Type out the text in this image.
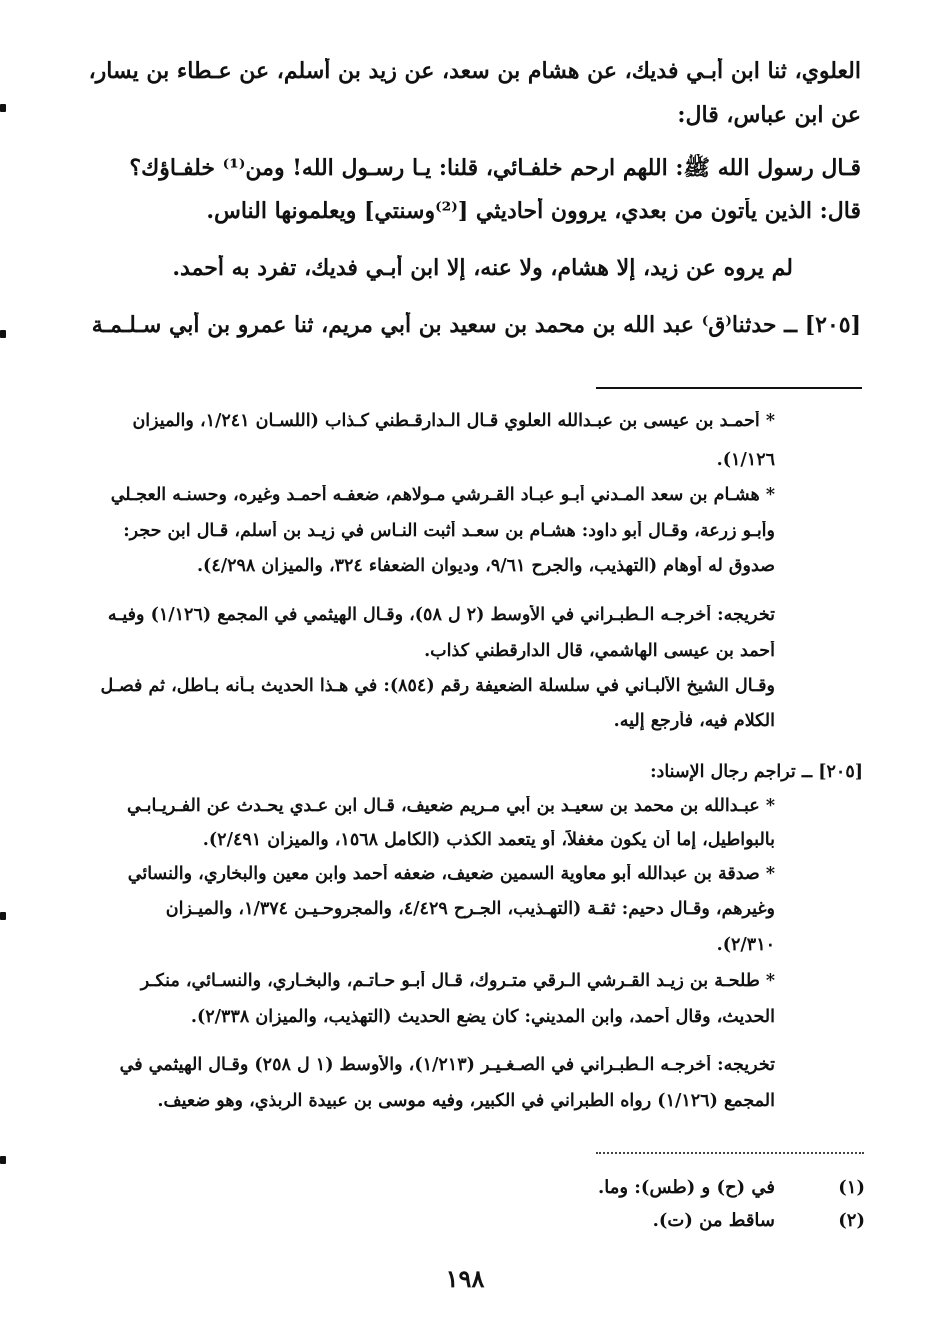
العلوي، ثنا ابن أبـي فديك، عن هشام بن سعد، عن زيد بن أسلم، عن عـطاء بن يسار،
عن ابن عباس، قال:
قـال رسول الله ﷺ: اللهم ارحم خلفـائي، قلنا: يـا رسـول الله! ومن⁽¹⁾ خلفـاؤك؟
قال: الذين يأتون من بعدي، يروون أحاديثي [⁽²⁾وسنتي] ويعلمونها الناس.
لم يروه عن زيد، إلا هشام، ولا عنه، إلا ابن أبـي فديك، تفرد به أحمد.
[٢٠٥] ــ حدثنا⁽ق⁾ عبد الله بن محمد بن سعيد بن أبي مريم، ثنا عمرو بن أبي سـلـمـة
* أحمـد بن عيسى بن عبـدالله العلوي قـال الـدارقـطني كـذاب (اللسـان ١/٢٤١، والميزان
١/١٢٦).
* هشـام بن سعد المـدني أبـو عبـاد القـرشي مـولاهم، ضعفـه أحمـد وغيره، وحسنـه العجـلي
وأبـو زرعة، وقـال أبو داود: هشـام بن سعـد أثبت النـاس في زيـد بن أسلم، قـال ابن حجر:
صدوق له أوهام (التهذيب، والجرح ٩/٦١، وديوان الضعفاء ٣٢٤، والميزان ٤/٢٩٨).
تخريجه: أخرجـه الـطبـراني في الأوسط (٢ ل ٥٨)، وقـال الهيثمي في المجمع (١/١٢٦) وفيـه
أحمد بن عيسى الهاشمي، قال الدارقطني كذاب.
وقـال الشيخ الألبـاني في سلسلة الضعيفة رقم (٨٥٤): في هـذا الحديث بـأنه بـاطل، ثم فصـل
الكلام فيه، فأرجع إليه.
[٢٠٥] ــ تراجم رجال الإسناد:
* عبـدالله بن محمد بن سعيـد بن أبي مـريم ضعيف، قـال ابن عـدي يحـدث عن الفـريـابـي
بالبواطيل، إما أن يكون مغفلاً، أو يتعمد الكذب (الكامل ١٥٦٨، والميزان ٢/٤٩١).
* صدقة بن عبدالله أبو معاوية السمين ضعيف، ضعفه أحمد وابن معين والبخاري، والنسائي
وغيرهم، وقـال دحيم: ثقـة (التهـذيب، الجـرح ٤/٤٢٩، والمجروحـيـن ١/٣٧٤، والميـزان
٢/٣١٠).
* طلحـة بن زيـد القـرشي الـرقي متـروك، قـال أبـو حـاتـم، والبخـاري، والنسـائي، منكـر
الحديث، وقال أحمد، وابن المديني: كان يضع الحديث (التهذيب، والميزان ٢/٣٣٨).
تخريجه: أخرجـه الـطبـراني في الصـغـيـر (١/٢١٣)، والأوسط (١ ل ٢٥٨) وقـال الهيثمي في
المجمع (١/١٢٦) رواه الطبراني في الكبير، وفيه موسى بن عبيدة الربذي، وهو ضعيف.
(١)
في (ح) و (طس): وما.
(٢)
ساقط من (ت).
١٩٨
